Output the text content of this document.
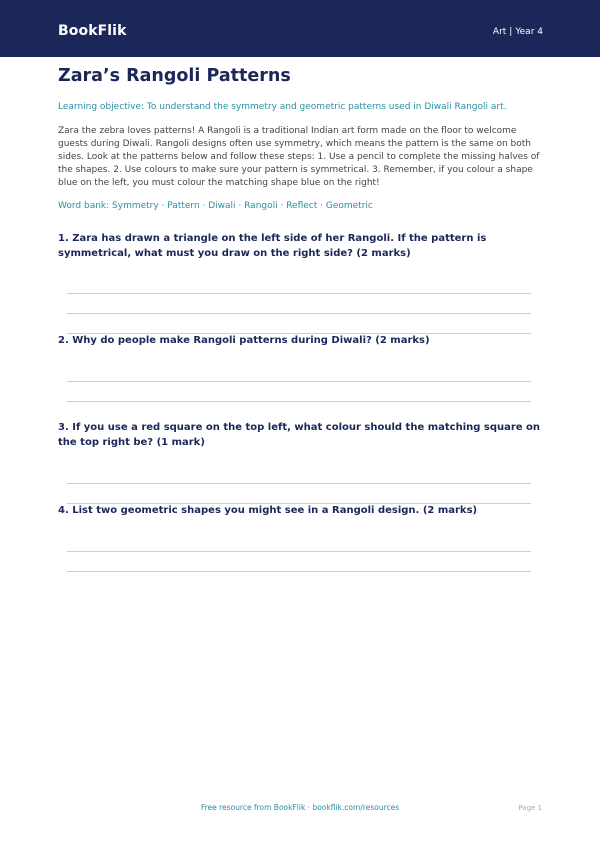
BookFlik	Art | Year 4
Zara’s Rangoli Patterns
Learning objective: To understand the symmetry and geometric patterns used in Diwali Rangoli art.
Zara the zebra loves patterns! A Rangoli is a traditional Indian art form made on the floor to welcome guests during Diwali. Rangoli designs often use symmetry, which means the pattern is the same on both sides. Look at the patterns below and follow these steps: 1. Use a pencil to complete the missing halves of the shapes. 2. Use colours to make sure your pattern is symmetrical. 3. Remember, if you colour a shape blue on the left, you must colour the matching shape blue on the right!
Word bank: Symmetry · Pattern · Diwali · Rangoli · Reflect · Geometric
1. Zara has drawn a triangle on the left side of her Rangoli. If the pattern is symmetrical, what must you draw on the right side? (2 marks)
2. Why do people make Rangoli patterns during Diwali? (2 marks)
3. If you use a red square on the top left, what colour should the matching square on the top right be? (1 mark)
4. List two geometric shapes you might see in a Rangoli design. (2 marks)
Free resource from BookFlik · bookflik.com/resources	Page 1
